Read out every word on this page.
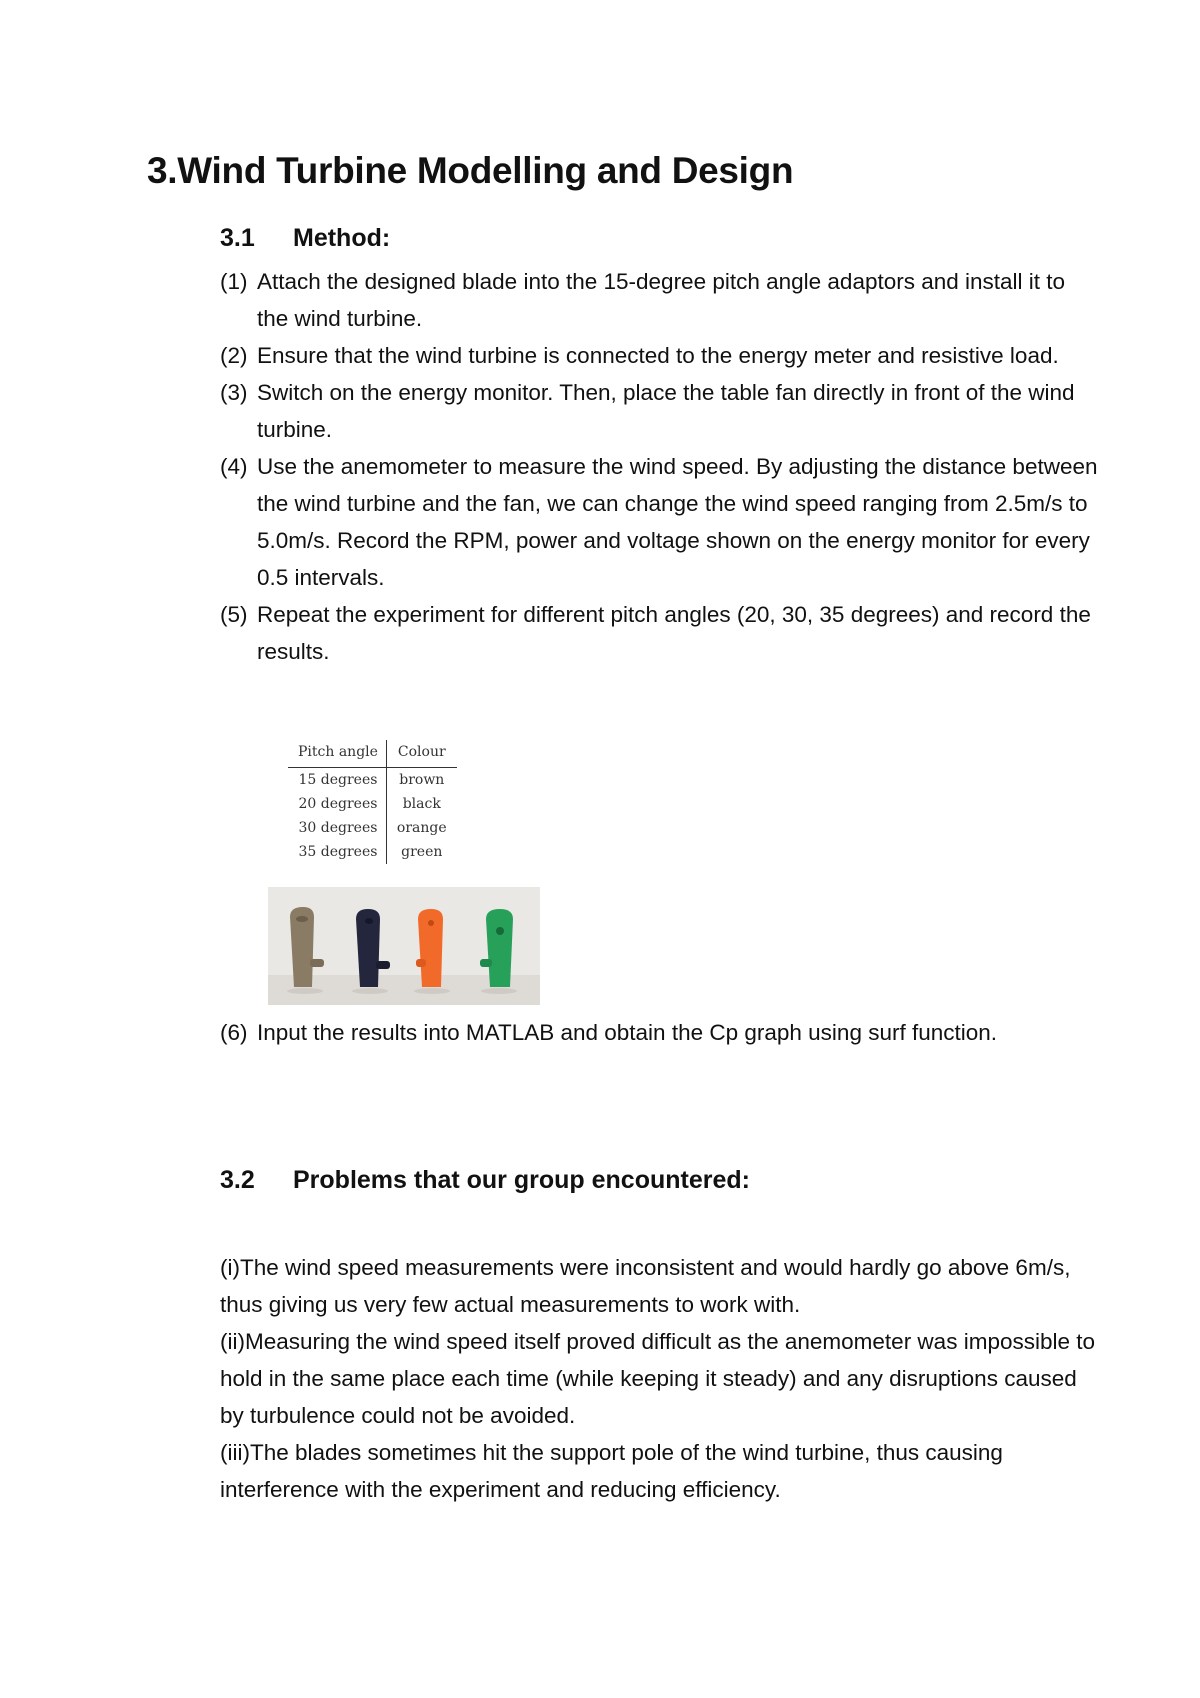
3.Wind Turbine Modelling and Design
3.1	Method:
(1) Attach the designed blade into the 15-degree pitch angle adaptors and install it to the wind turbine.
(2) Ensure that the wind turbine is connected to the energy meter and resistive load.
(3) Switch on the energy monitor. Then, place the table fan directly in front of the wind turbine.
(4) Use the anemometer to measure the wind speed. By adjusting the distance between the wind turbine and the fan, we can change the wind speed ranging from 2.5m/s to 5.0m/s. Record the RPM, power and voltage shown on the energy monitor for every 0.5 intervals.
(5) Repeat the experiment for different pitch angles (20, 30, 35 degrees) and record the results.
Pitch angle	Colour
15 degrees	brown
20 degrees	black
30 degrees	orange
35 degrees	green
(6) Input the results into MATLAB and obtain the Cp graph using surf function.
3.2	Problems that our group encountered:

(i)The wind speed measurements were inconsistent and would hardly go above 6m/s, thus giving us very few actual measurements to work with.

(ii)Measuring the wind speed itself proved difficult as the anemometer was impossible to hold in the same place each time (while keeping it steady) and any disruptions caused by turbulence could not be avoided.

(iii)The blades sometimes hit the support pole of the wind turbine, thus causing interference with the experiment and reducing efficiency.
